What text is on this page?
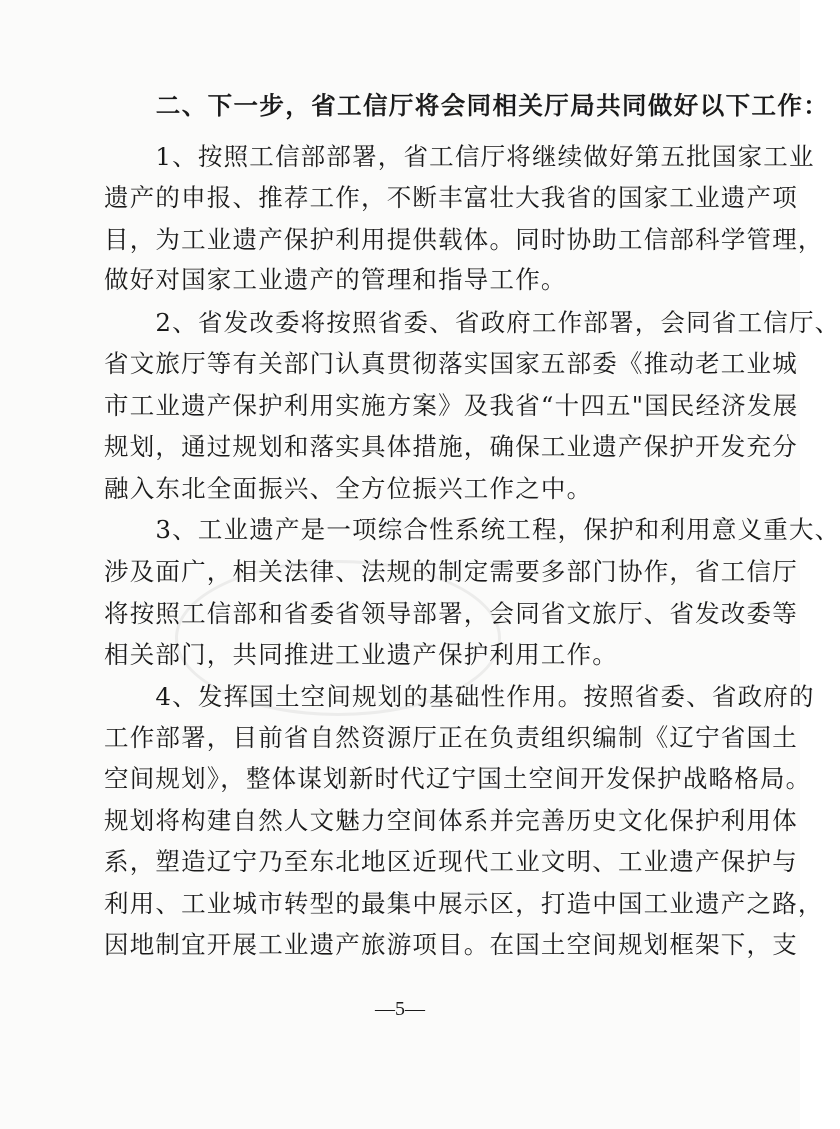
　　二、下一步，省工信厅将会同相关厅局共同做好以下工作：
　　1、按照工信部部署，省工信厅将继续做好第五批国家工业
遗产的申报、推荐工作，不断丰富壮大我省的国家工业遗产项
目，为工业遗产保护利用提供载体。同时协助工信部科学管理，
做好对国家工业遗产的管理和指导工作。
　　2、省发改委将按照省委、省政府工作部署，会同省工信厅、
省文旅厅等有关部门认真贯彻落实国家五部委《推动老工业城
市工业遗产保护利用实施方案》及我省“十四五"国民经济发展
规划，通过规划和落实具体措施，确保工业遗产保护开发充分
融入东北全面振兴、全方位振兴工作之中。
　　3、工业遗产是一项综合性系统工程，保护和利用意义重大、
涉及面广，相关法律、法规的制定需要多部门协作，省工信厅
将按照工信部和省委省领导部署，会同省文旅厅、省发改委等
相关部门，共同推进工业遗产保护利用工作。
　　4、发挥国土空间规划的基础性作用。按照省委、省政府的
工作部署，目前省自然资源厅正在负责组织编制《辽宁省国土
空间规划》，整体谋划新时代辽宁国土空间开发保护战略格局。
规划将构建自然人文魅力空间体系并完善历史文化保护利用体
系，塑造辽宁乃至东北地区近现代工业文明、工业遗产保护与
利用、工业城市转型的最集中展示区，打造中国工业遗产之路，
因地制宜开展工业遗产旅游项目。在国土空间规划框架下，支
—5—
